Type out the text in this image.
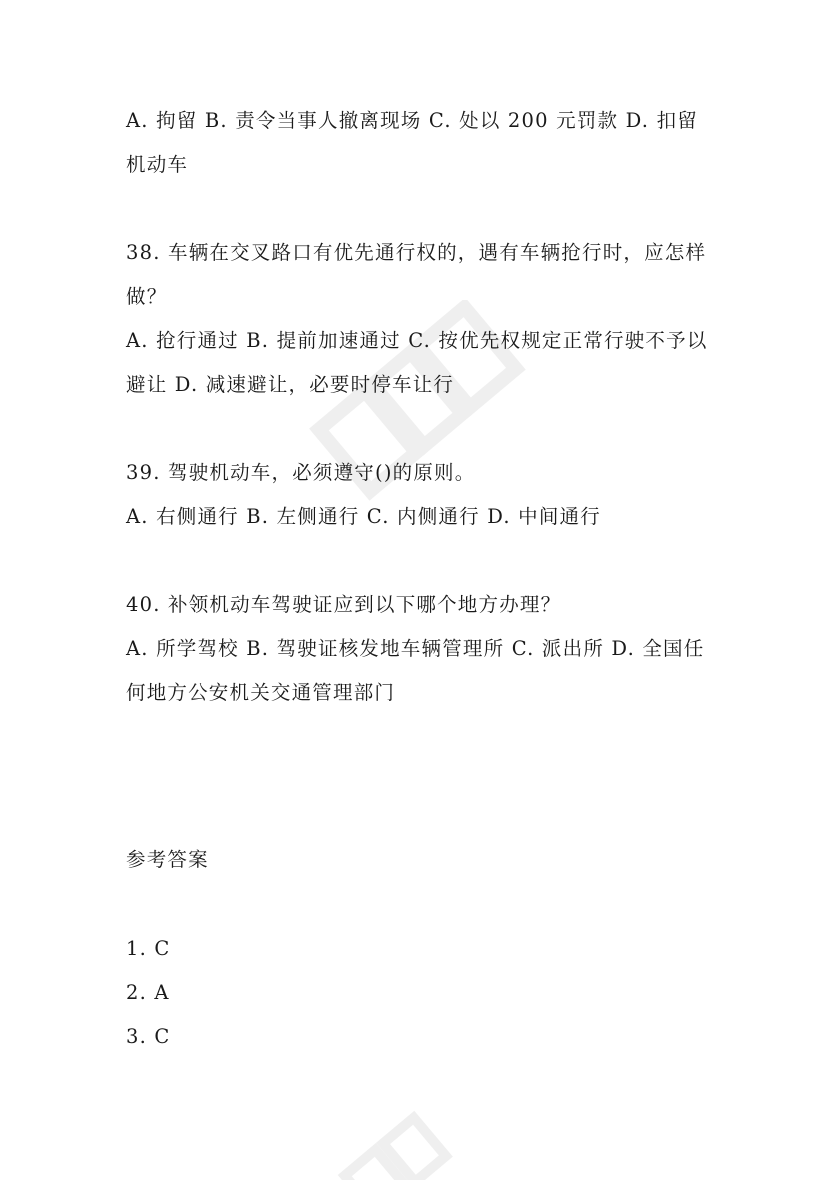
A. 拘留 B. 责令当事人撤离现场 C. 处以 200 元罚款 D. 扣留机动车

38. 车辆在交叉路口有优先通行权的，遇有车辆抢行时，应怎样做？

A. 抢行通过 B. 提前加速通过 C. 按优先权规定正常行驶不予以避让 D. 减速避让，必要时停车让行

39. 驾驶机动车，必须遵守()的原则。

A. 右侧通行 B. 左侧通行 C. 内侧通行 D. 中间通行

40. 补领机动车驾驶证应到以下哪个地方办理？

A. 所学驾校 B. 驾驶证核发地车辆管理所 C. 派出所 D. 全国任何地方公安机关交通管理部门

参考答案

1. C

2. A

3. C
